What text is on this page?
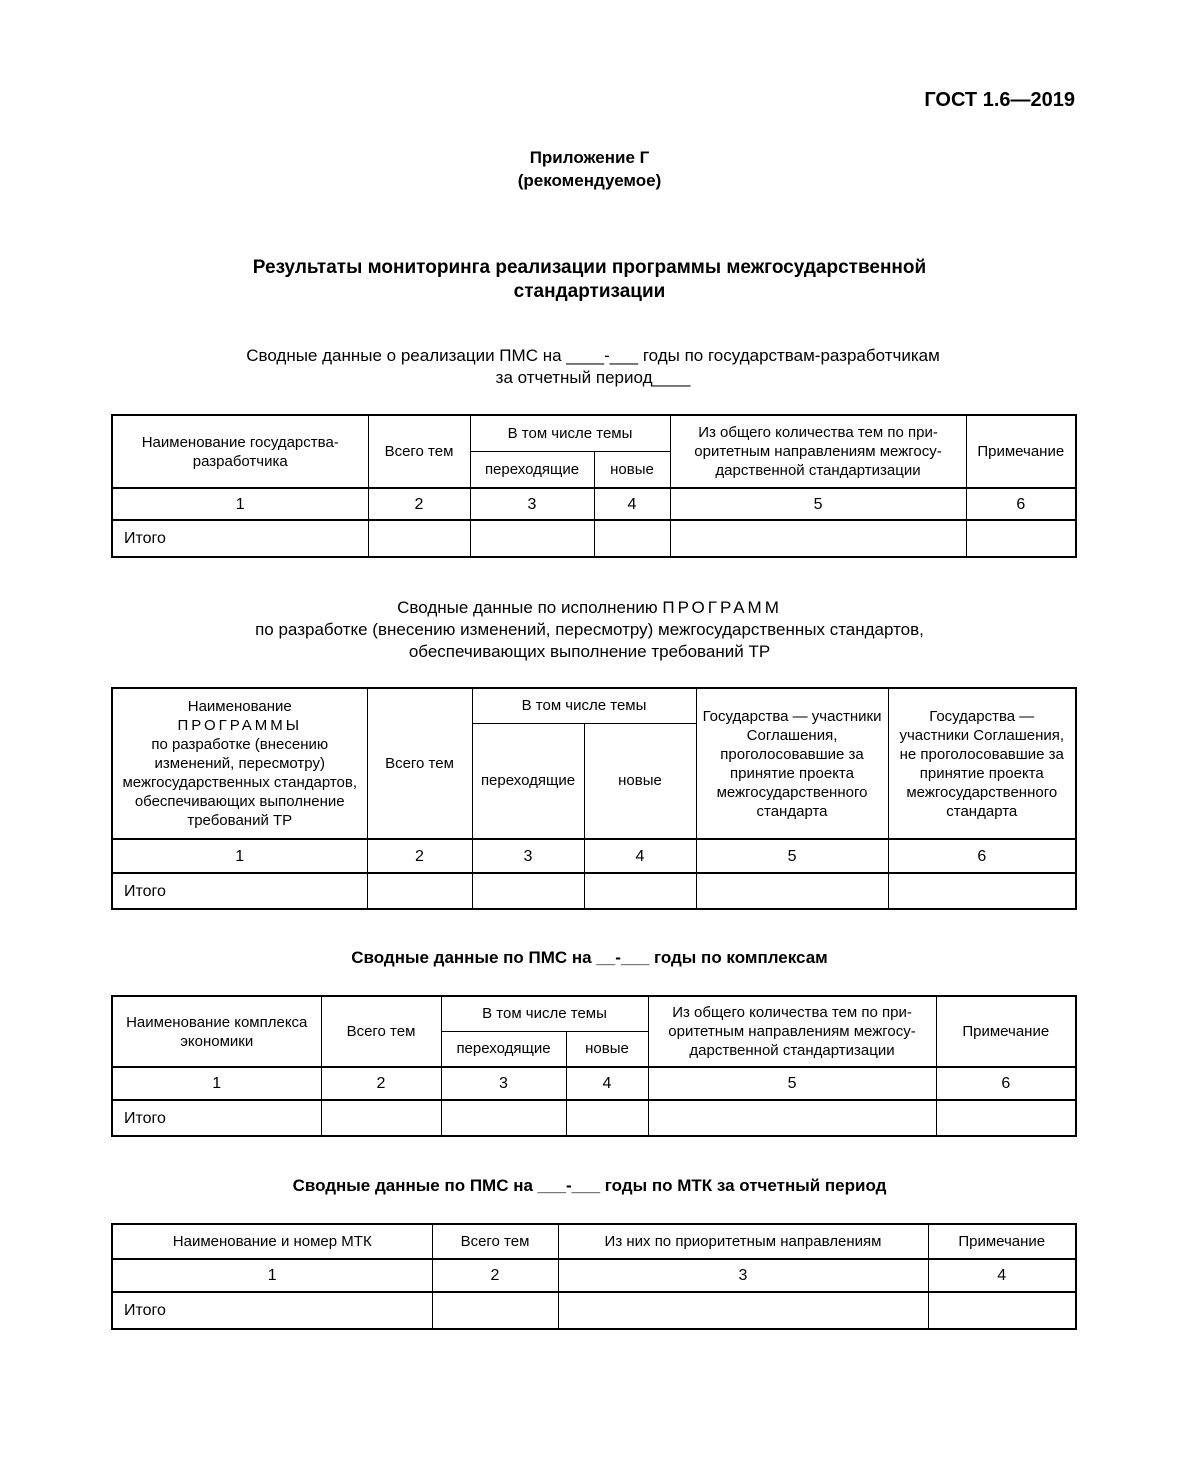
ГОСТ 1.6—2019
Приложение Г
(рекомендуемое)
Результаты мониторинга реализации программы межгосударственной
стандартизации
Сводные данные о реализации ПМС на ____-___ годы по государствам-разработчикам
за отчетный период____
Наименование государства-разработчика	Всего тем	В том числе темы		Из общего количества тем по приоритетным направлениям межгосударственной стандартизации	Примечание
		переходящие	новые		
1	2	3	4	5	6
Итого					
Сводные данные по исполнению ПРОГРАММ
по разработке (внесению изменений, пересмотру) межгосударственных стандартов,
обеспечивающих выполнение требований ТР
Наименование
ПРОГРАММЫ
по разработке (внесению изменений, пересмотру) межгосударственных стандартов, обеспечивающих выполнение требований ТР	Всего тем	В том числе темы		Государства — участники Соглашения, проголосовавшие за принятие проекта межгосударственного стандарта	Государства — участники Соглашения, не проголосовавшие за принятие проекта межгосударственного стандарта
		переходящие	новые		
1	2	3	4	5	6
Итого					
Сводные данные по ПМС на __-___ годы по комплексам
Наименование комплекса экономики	Всего тем	В том числе темы		Из общего количества тем по приоритетным направлениям межгосударственной стандартизации	Примечание
		переходящие	новые		
1	2	3	4	5	6
Итого					
Сводные данные по ПМС на ___-___ годы по МТК за отчетный период
Наименование и номер МТК	Всего тем	Из них по приоритетным направлениям	Примечание
1	2	3	4
Итого			
